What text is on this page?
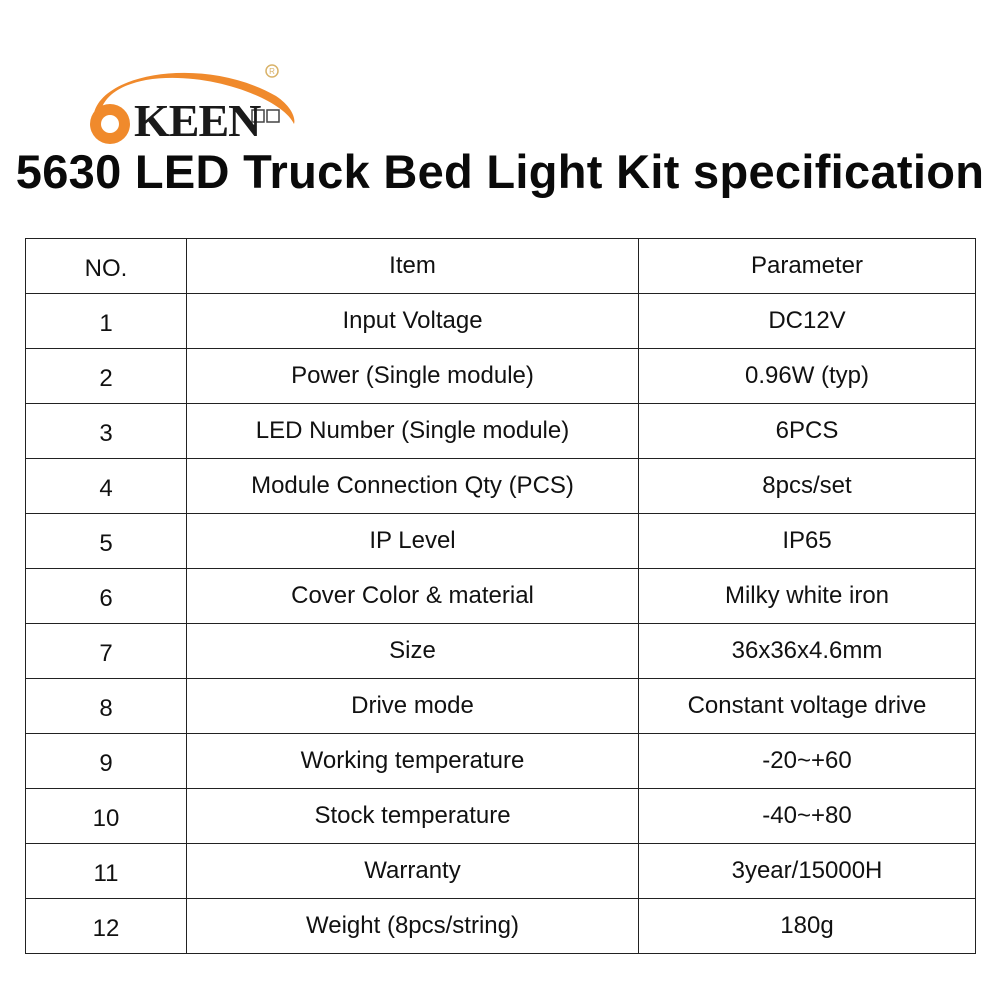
R
KEEN
5630 LED Truck Bed Light Kit specification
NO.	Item	Parameter
1	Input Voltage	DC12V
2	Power (Single module)	0.96W (typ)
3	LED Number (Single module)	6PCS
4	Module Connection Qty (PCS)	8pcs/set
5	IP Level	IP65
6	Cover Color & material	Milky white iron
7	Size	36x36x4.6mm
8	Drive mode	Constant voltage drive
9	Working temperature	-20~+60
10	Stock temperature	-40~+80
11	Warranty	3year/15000H
12	Weight (8pcs/string)	180g
